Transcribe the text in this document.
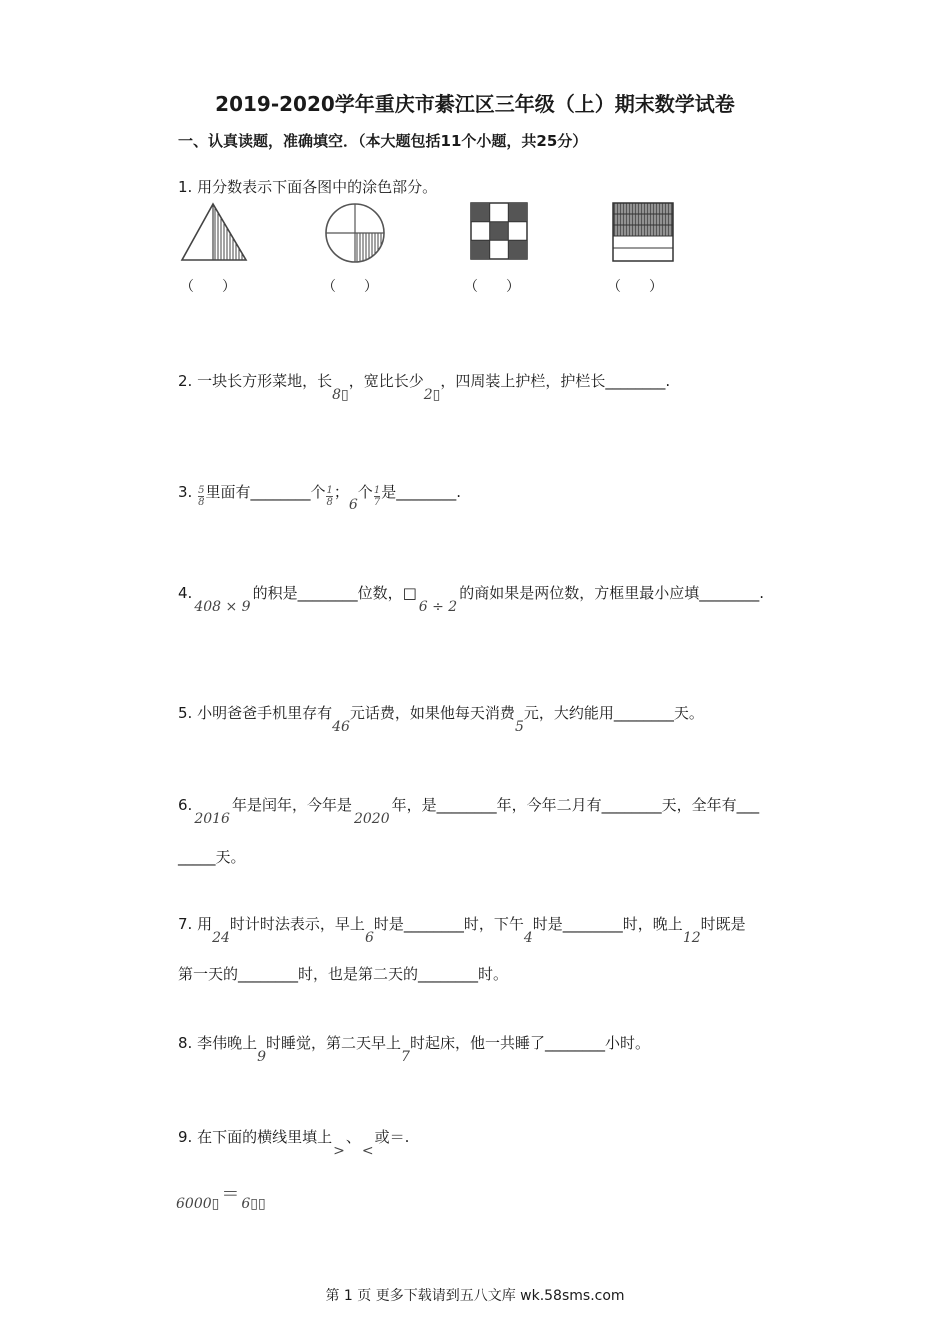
2019-2020学年重庆市綦江区三年级（上）期末数学试卷
一、认真读题，准确填空．（本大题包括11个小题，共25分）
1. 用分数表示下面各图中的涂色部分。
（　　）	（　　）	（　　）	（　　）
2. 一块长方形菜地，长8▯，宽比长少2▯，四周装上护栏，护栏长________.
3. $\frac{5}{8}$ 里面有________个 $\frac{1}{8}$ ；6个 $\frac{1}{7}$ 是________.
4.408 × 9的积是________位数，□6 ÷ 2的商如果是两位数，方框里最小应填________.
5. 小明爸爸手机里存有46元话费，如果他每天消费5元，大约能用________天。
6.2016年是闰年，今年是2020年，是________年，今年二月有________天，全年有___
_____天。
7. 用24时计时法表示，早上6时是________时，下午4时是________时，晚上12时既是
第一天的________时，也是第二天的________时。
8. 李伟晚上9时睡觉，第二天早上7时起床，他一共睡了________小时。
9. 在下面的横线里填上>、<或＝.
6000▯ ＝ 6▯▯
第 1 页 更多下载请到五八文库 wk.58sms.com
